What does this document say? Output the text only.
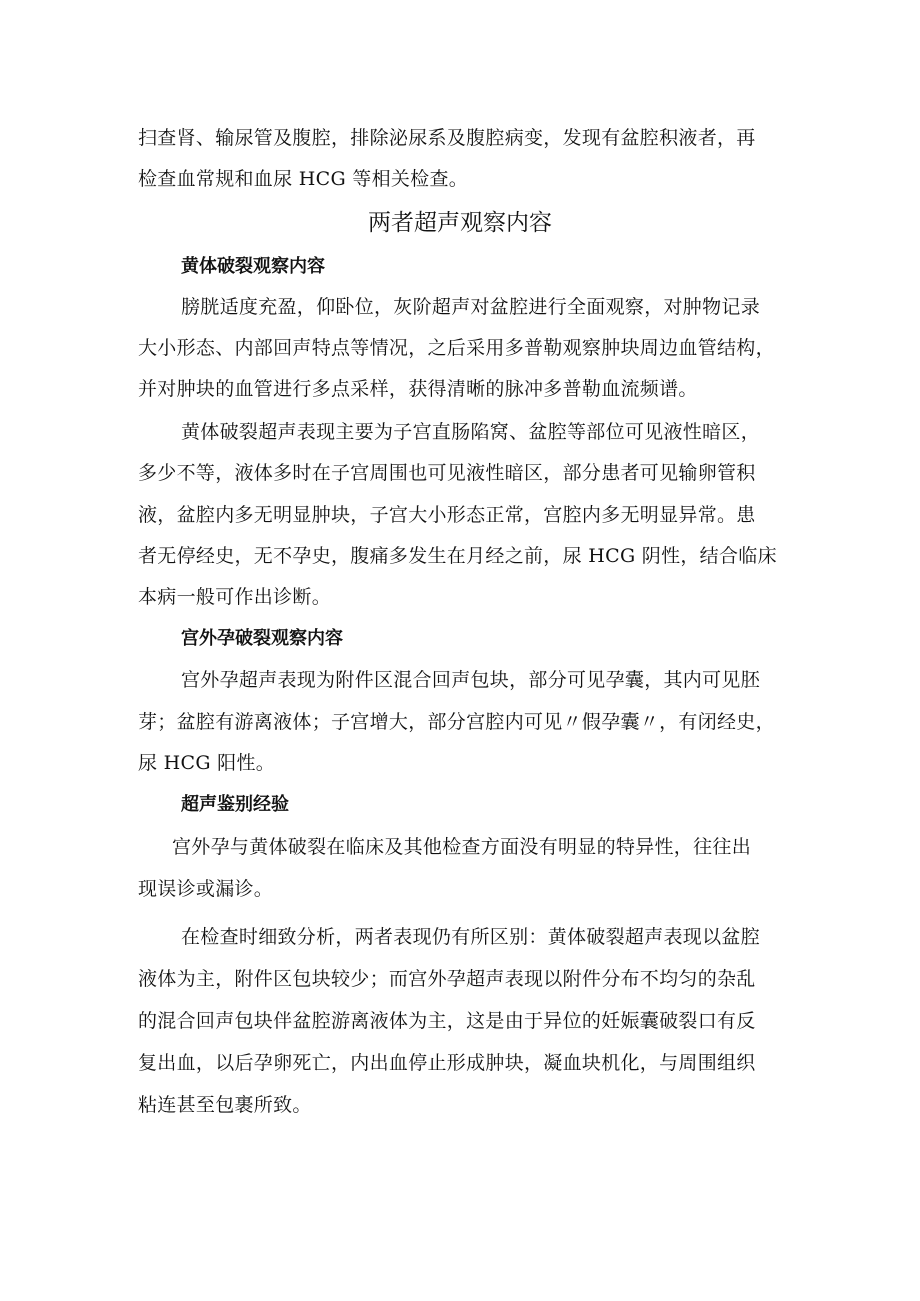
扫查肾、输尿管及腹腔，排除泌尿系及腹腔病变，发现有盆腔积液者，再
检查血常规和血尿 HCG 等相关检查。
两者超声观察内容
黄体破裂观察内容
膀胱适度充盈，仰卧位，灰阶超声对盆腔进行全面观察，对肿物记录
大小形态、内部回声特点等情况，之后采用多普勒观察肿块周边血管结构，
并对肿块的血管进行多点采样，获得清晰的脉冲多普勒血流频谱。
黄体破裂超声表现主要为子宫直肠陷窝、盆腔等部位可见液性暗区，
多少不等，液体多时在子宫周围也可见液性暗区，部分患者可见输卵管积
液，盆腔内多无明显肿块，子宫大小形态正常，宫腔内多无明显异常。患
者无停经史，无不孕史，腹痛多发生在月经之前，尿 HCG 阴性，结合临床
本病一般可作出诊断。
宫外孕破裂观察内容
宫外孕超声表现为附件区混合回声包块，部分可见孕囊，其内可见胚
芽；盆腔有游离液体；子宫增大，部分宫腔内可见〃假孕囊〃，有闭经史，
尿 HCG 阳性。
超声鉴别经验
宫外孕与黄体破裂在临床及其他检查方面没有明显的特异性，往往出
现误诊或漏诊。
在检查时细致分析，两者表现仍有所区别：黄体破裂超声表现以盆腔
液体为主，附件区包块较少；而宫外孕超声表现以附件分布不均匀的杂乱
的混合回声包块伴盆腔游离液体为主，这是由于异位的妊娠囊破裂口有反
复出血，以后孕卵死亡，内出血停止形成肿块，凝血块机化，与周围组织
粘连甚至包裹所致。
